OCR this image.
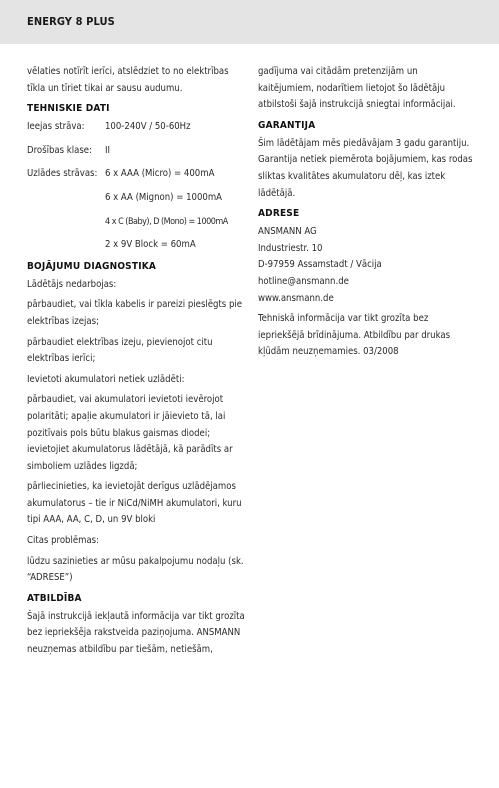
ENERGY 8 PLUS

vēlaties notīrīt ierīci, atslēdziet to no elektrības tīkla un tīriet tikai ar sausu audumu.

TEHNISKIE DATI
Ieejas strāva:	100-240V / 50-60Hz
Drošības klase:	II
Uzlādes strāvas: 6 x AAA (Micro) = 400mA
6 x AA (Mignon) = 1000mA
4 x C (Baby), D (Mono) = 1000mA
2 x 9V Block = 60mA
BOJĀJUMU DIAGNOSTIKA

Lādētājs nedarbojas:

pārbaudiet, vai tīkla kabelis ir pareizi pieslēgts pie elektrības izejas;

pārbaudiet elektrības izeju, pievienojot citu elektrības ierīci;

Ievietoti akumulatori netiek uzlādēti:

pārbaudiet, vai akumulatori ievietoti ievērojot polaritāti; apaļie akumulatori ir jāievieto tā, lai pozitīvais pols būtu blakus gaismas diodei; ievietojiet akumulatorus lādētājā, kā parādīts ar simboliem uzlādes ligzdā;

pārliecinieties, ka ievietojāt derīgus uzlādējamos akumulatorus – tie ir NiCd/NiMH akumulatori, kuru tipi AAA, AA, C, D, un 9V bloki

Citas problēmas:

lūdzu sazinieties ar mūsu pakalpojumu nodaļu (sk. “ADRESE”)

ATBILDĪBA

Šajā instrukcijā iekļautā informācija var tikt grozīta bez iepriekšēja rakstveida paziņojuma. ANSMANN neuzņemas atbildību par tiešām, netiešām,

gadījuma vai citādām pretenzijām un kaitējumiem, nodarītiem lietojot šo lādētāju atbilstoši šajā instrukcijā sniegtai informācijai.

GARANTIJA

Šim lādētājam mēs piedāvājam 3 gadu garantiju. Garantija netiek piemērota bojājumiem, kas rodas sliktas kvalitātes akumulatoru dēļ, kas iztek lādētājā.

ADRESE
ANSMANN AG
Industriestr. 10
D-97959 Assamstadt / Vācija
hotline@ansmann.de
www.ansmann.de

Tehniskā informācija var tikt grozīta bez iepriekšējā brīdinājuma. Atbildību par drukas kļūdām neuzņemamies. 03/2008
